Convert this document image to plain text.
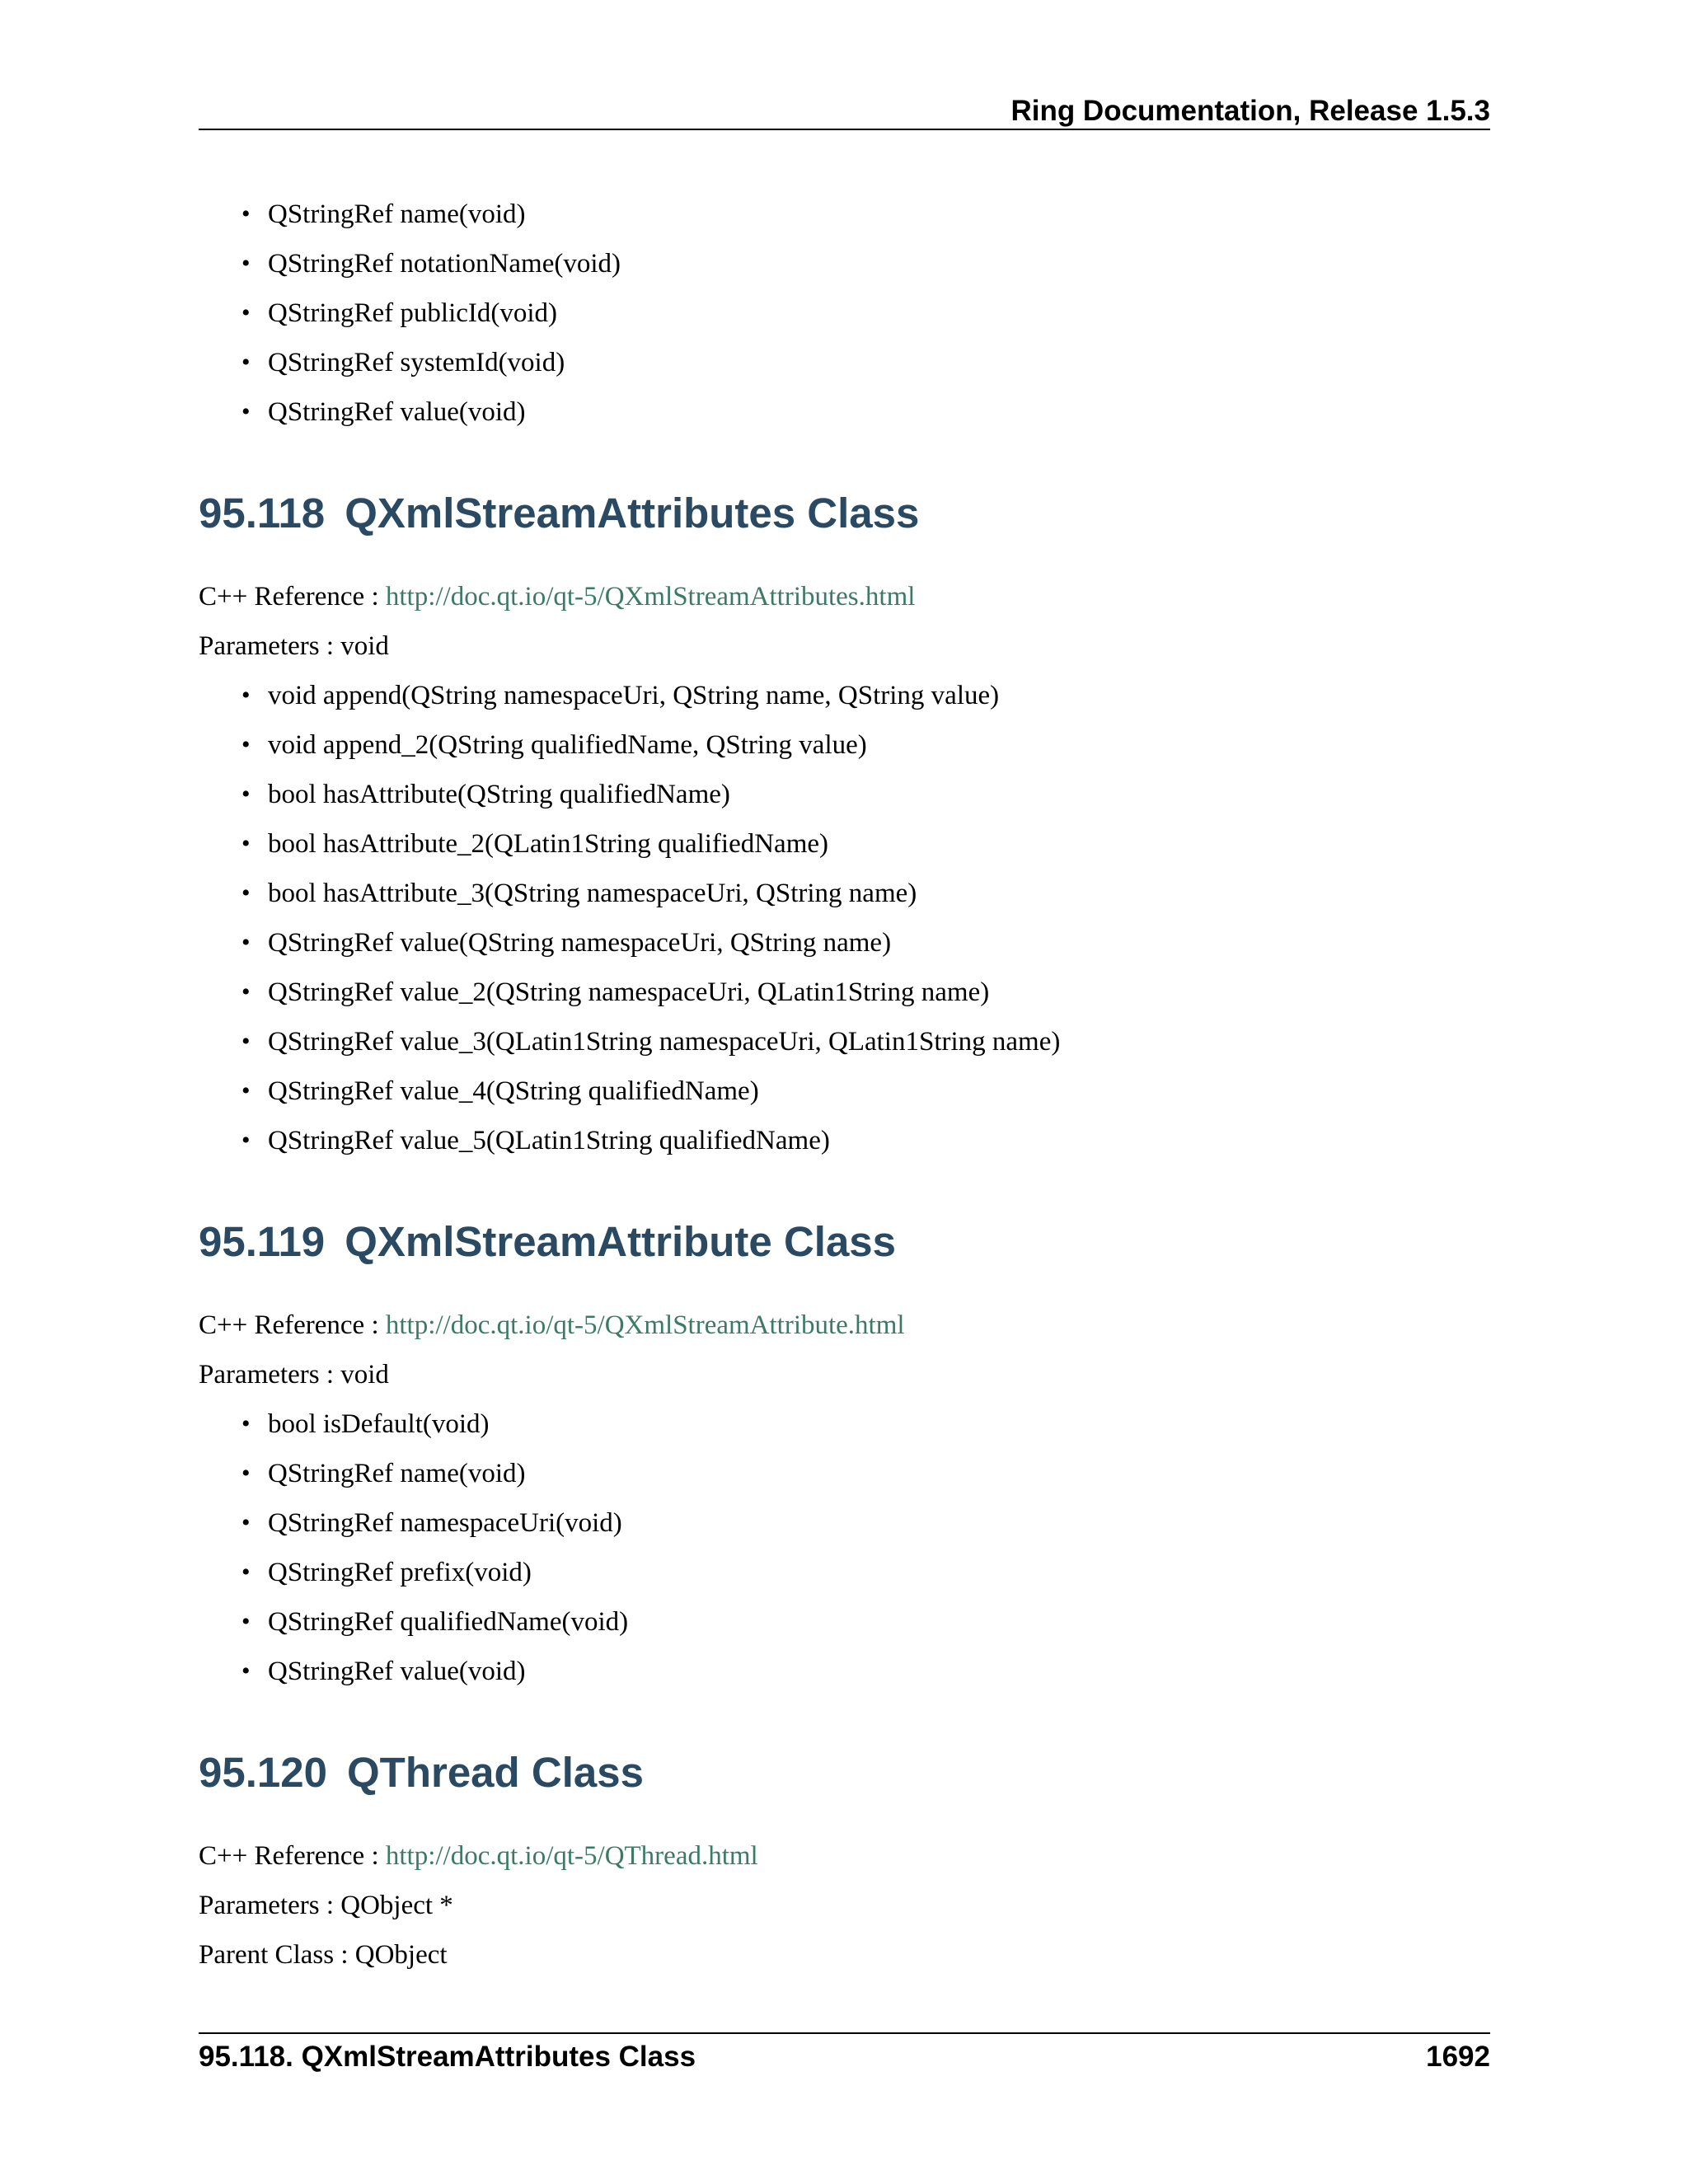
Ring Documentation, Release 1.5.3
• QStringRef name(void)
• QStringRef notationName(void)
• QStringRef publicId(void)
• QStringRef systemId(void)
• QStringRef value(void)
95.118 QXmlStreamAttributes Class
C++ Reference : http://doc.qt.io/qt-5/QXmlStreamAttributes.html
Parameters : void
• void append(QString namespaceUri, QString name, QString value)
• void append_2(QString qualifiedName, QString value)
• bool hasAttribute(QString qualifiedName)
• bool hasAttribute_2(QLatin1String qualifiedName)
• bool hasAttribute_3(QString namespaceUri, QString name)
• QStringRef value(QString namespaceUri, QString name)
• QStringRef value_2(QString namespaceUri, QLatin1String name)
• QStringRef value_3(QLatin1String namespaceUri, QLatin1String name)
• QStringRef value_4(QString qualifiedName)
• QStringRef value_5(QLatin1String qualifiedName)
95.119 QXmlStreamAttribute Class
C++ Reference : http://doc.qt.io/qt-5/QXmlStreamAttribute.html
Parameters : void
• bool isDefault(void)
• QStringRef name(void)
• QStringRef namespaceUri(void)
• QStringRef prefix(void)
• QStringRef qualifiedName(void)
• QStringRef value(void)
95.120 QThread Class
C++ Reference : http://doc.qt.io/qt-5/QThread.html
Parameters : QObject *
Parent Class : QObject
95.118. QXmlStreamAttributes Class	1692
